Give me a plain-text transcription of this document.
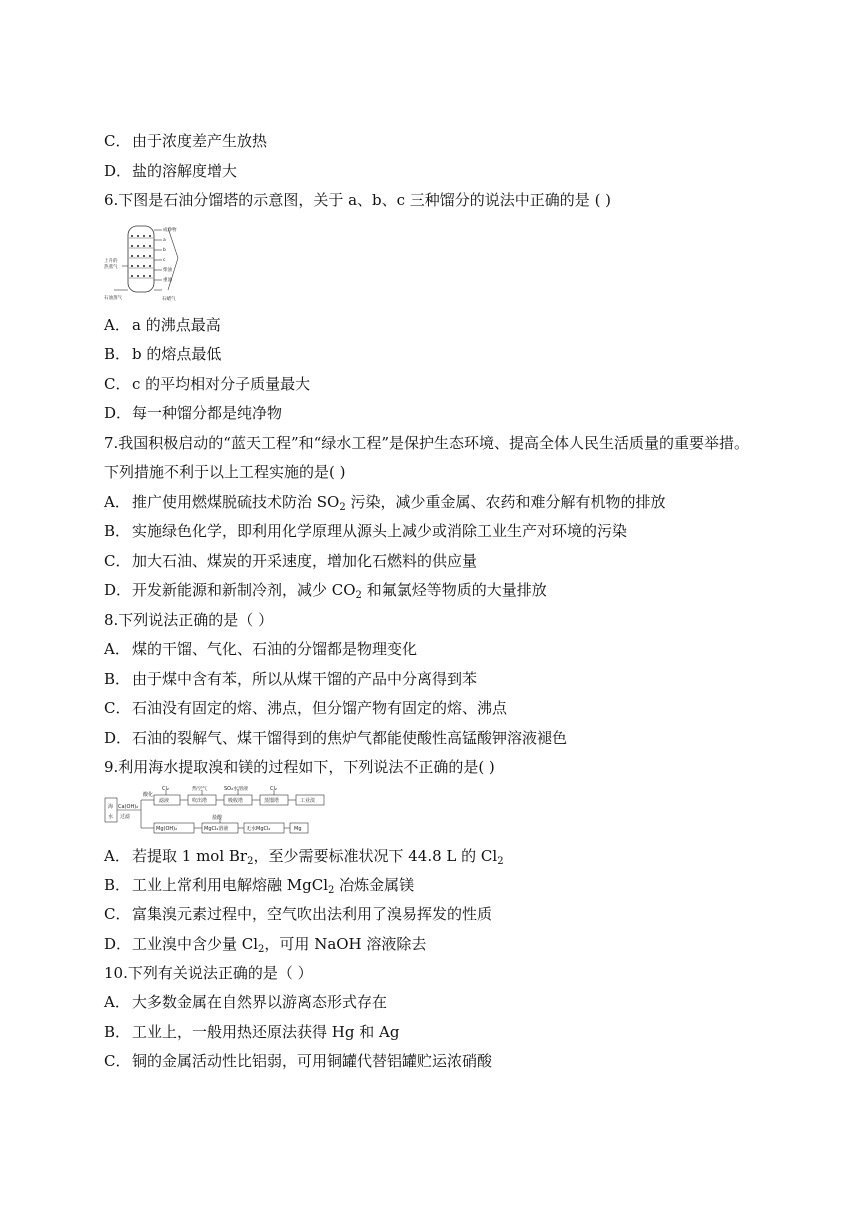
C． 由于浓度差产生放热
D．盐的溶解度增大
6.下图是石油分馏塔的示意图，关于 a、b、c 三种馏分的说法中正确的是 ( )
成净物
a
b
c
柴油
重油
石蜡气
上升的
热蒸气
石油蒸气
A． a 的沸点最高
B． b 的熔点最低
C． c 的平均相对分子质量最大
D．每一种馏分都是纯净物
7.我国积极启动的“蓝天工程”和“绿水工程”是保护生态环境、提高全体人民生活质量的重要举措。
下列措施不利于以上工程实施的是( )
A． 推广使用燃煤脱硫技术防治 $SO_2$ 污染，减少重金属、农药和难分解有机物的排放
B． 实施绿色化学，即利用化学原理从源头上减少或消除工业生产对环境的污染
C． 加大石油、煤炭的开采速度，增加化石燃料的供应量
D．开发新能源和新制冷剂，减少 $CO_2$ 和氟氯烃等物质的大量排放
8.下列说法正确的是（ ）
A． 煤的干馏、气化、石油的分馏都是物理变化
B． 由于煤中含有苯，所以从煤干馏的产品中分离得到苯
C． 石油没有固定的熔、沸点，但分馏产物有固定的熔、沸点
D．石油的裂解气、煤干馏得到的焦炉气都能使酸性高锰酸钾溶液褪色
9.利用海水提取溴和镁的过程如下，下列说法不正确的是( )
海
水
Ca(OH)₂
过滤
酸化
Cl₂	热空气	SO₂水溶液	Cl₂
滤液	吹出塔	吸收塔	蒸馏塔	工业溴
盐酸
Mg(OH)₂	MgCl₂溶液	无水MgCl₂	Mg
A． 若提取 1 mol $Br_2$，至少需要标准状况下 44.8 L 的 $Cl_2$
B． 工业上常利用电解熔融 MgCl$_2$ 冶炼金属镁
C． 富集溴元素过程中，空气吹出法利用了溴易挥发的性质
D．工业溴中含少量 $Cl_2$，可用 NaOH 溶液除去
10.下列有关说法正确的是（ ）
A． 大多数金属在自然界以游离态形式存在
B． 工业上，一般用热还原法获得 Hg 和 Ag
C． 铜的金属活动性比铝弱，可用铜罐代替铝罐贮运浓硝酸
